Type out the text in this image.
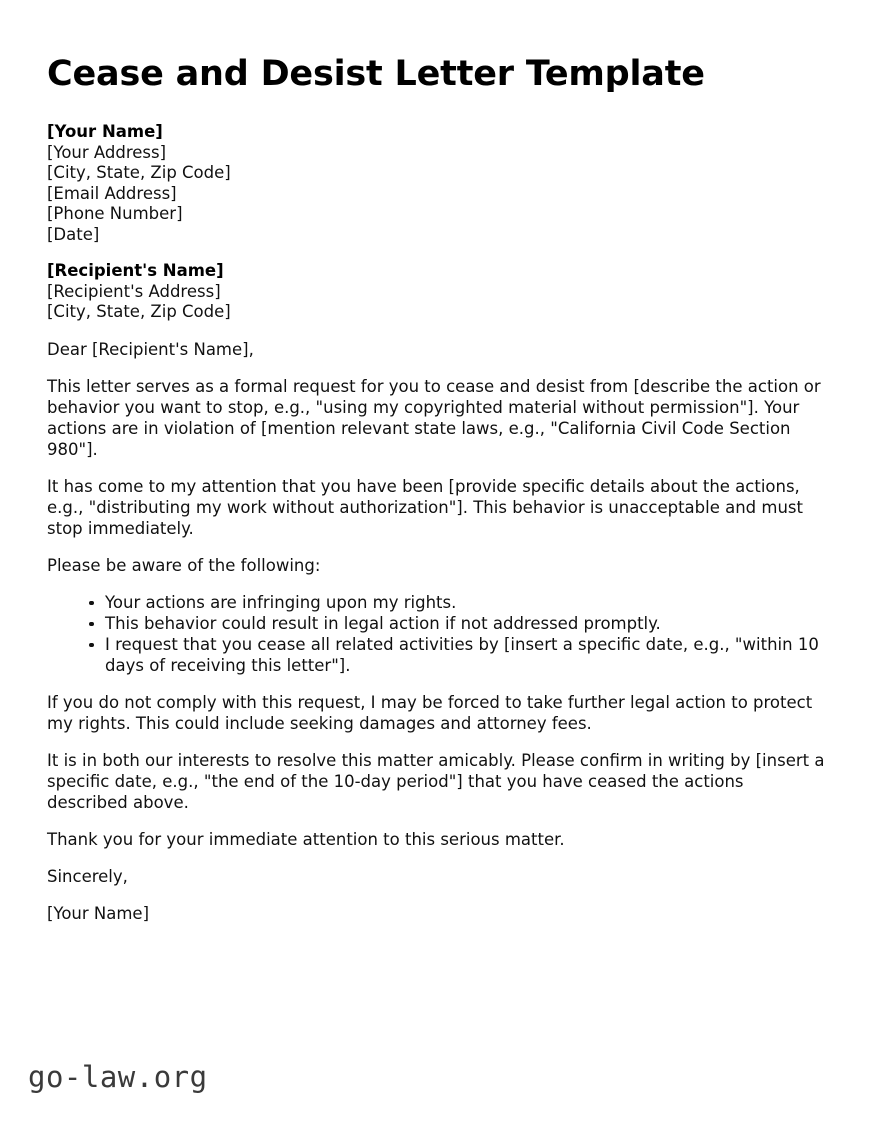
Cease and Desist Letter Template
[Your Name]
[Your Address]
[City, State, Zip Code]
[Email Address]
[Phone Number]
[Date]
[Recipient's Name]
[Recipient's Address]
[City, State, Zip Code]
Dear [Recipient's Name],

This letter serves as a formal request for you to cease and desist from [describe the action or behavior you want to stop, e.g., "using my copyrighted material without permission"]. Your actions are in violation of [mention relevant state laws, e.g., "California Civil Code Section 980"].

It has come to my attention that you have been [provide specific details about the actions, e.g., "distributing my work without authorization"]. This behavior is unacceptable and must stop immediately.

Please be aware of the following:

Your actions are infringing upon my rights.
This behavior could result in legal action if not addressed promptly.
I request that you cease all related activities by [insert a specific date, e.g., "within 10 days of receiving this letter"].

If you do not comply with this request, I may be forced to take further legal action to protect my rights. This could include seeking damages and attorney fees.

It is in both our interests to resolve this matter amicably. Please confirm in writing by [insert a specific date, e.g., "the end of the 10-day period"] that you have ceased the actions described above.

Thank you for your immediate attention to this serious matter.

Sincerely,

[Your Name]

go-law.org
